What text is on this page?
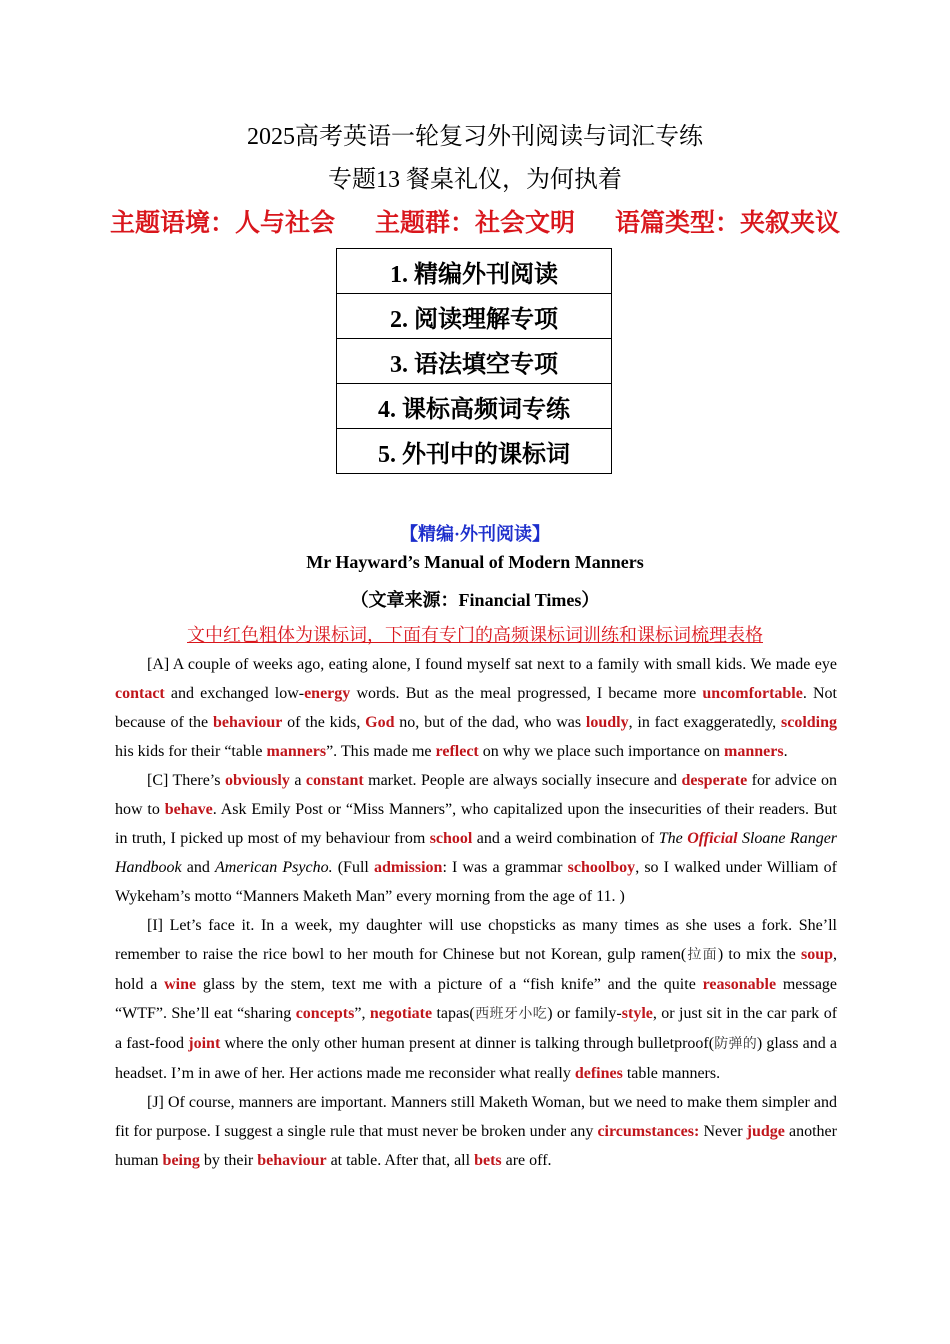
2025高考英语一轮复习外刊阅读与词汇专练
专题13 餐桌礼仪，为何执着
主题语境：人与社会 主题群：社会文明 语篇类型：夹叙夹议
1. 精编外刊阅读
2. 阅读理解专项
3. 语法填空专项
4. 课标高频词专练
5. 外刊中的课标词
【精编·外刊阅读】
Mr Hayward’s Manual of Modern Manners
（文章来源：Financial Times）
文中红色粗体为课标词，下面有专门的高频课标词训练和课标词梳理表格

[A] A couple of weeks ago, eating alone, I found myself sat next to a family with small kids. We made eye contact and exchanged low-energy words. But as the meal progressed, I became more uncomfortable. Not because of the behaviour of the kids, God no, but of the dad, who was loudly, in fact exaggeratedly, scolding his kids for their “table manners”. This made me reflect on why we place such importance on manners.

[C] There’s obviously a constant market. People are always socially insecure and desperate for advice on how to behave. Ask Emily Post or “Miss Manners”, who capitalized upon the insecurities of their readers. But in truth, I picked up most of my behaviour from school and a weird combination of The Official Sloane Ranger Handbook and American Psycho. (Full admission: I was a grammar schoolboy, so I walked under William of Wykeham’s motto “Manners Maketh Man” every morning from the age of 11. )

[I] Let’s face it. In a week, my daughter will use chopsticks as many times as she uses a fork. She’ll remember to raise the rice bowl to her mouth for Chinese but not Korean, gulp ramen(拉面) to mix the soup, hold a wine glass by the stem, text me with a picture of a “fish knife” and the quite reasonable message “WTF”. She’ll eat “sharing concepts”, negotiate tapas(西班牙小吃) or family-style, or just sit in the car park of a fast-food joint where the only other human present at dinner is talking through bulletproof(防弹的) glass and a headset. I’m in awe of her. Her actions made me reconsider what really defines table manners.

[J] Of course, manners are important. Manners still Maketh Woman, but we need to make them simpler and fit for purpose. I suggest a single rule that must never be broken under any circumstances: Never judge another human being by their behaviour at table. After that, all bets are off.
